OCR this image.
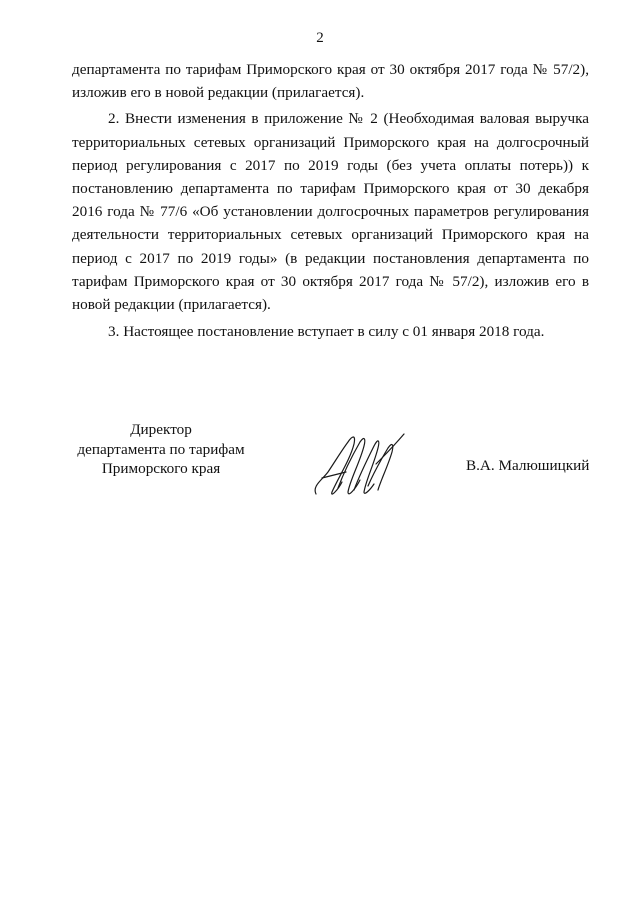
2

департамента по тарифам Приморского края от 30 октября 2017 года № 57/2), изложив его в новой редакции (прилагается).

2. Внести изменения в приложение № 2 (Необходимая валовая выручка территориальных сетевых организаций Приморского края на долгосрочный период регулирования с 2017 по 2019 годы (без учета оплаты потерь)) к постановлению департамента по тарифам Приморского края от 30 декабря 2016 года № 77/6 «Об установлении долгосрочных параметров регулирования деятельности территориальных сетевых организаций Приморского края на период с 2017 по 2019 годы» (в редакции постановления департамента по тарифам Приморского края от 30 октября 2017 года № 57/2), изложив его в новой редакции (прилагается).

3. Настоящее постановление вступает в силу с 01 января 2018 года.

Директор
департамента по тарифам
Приморского края	В.А. Малюшицкий
